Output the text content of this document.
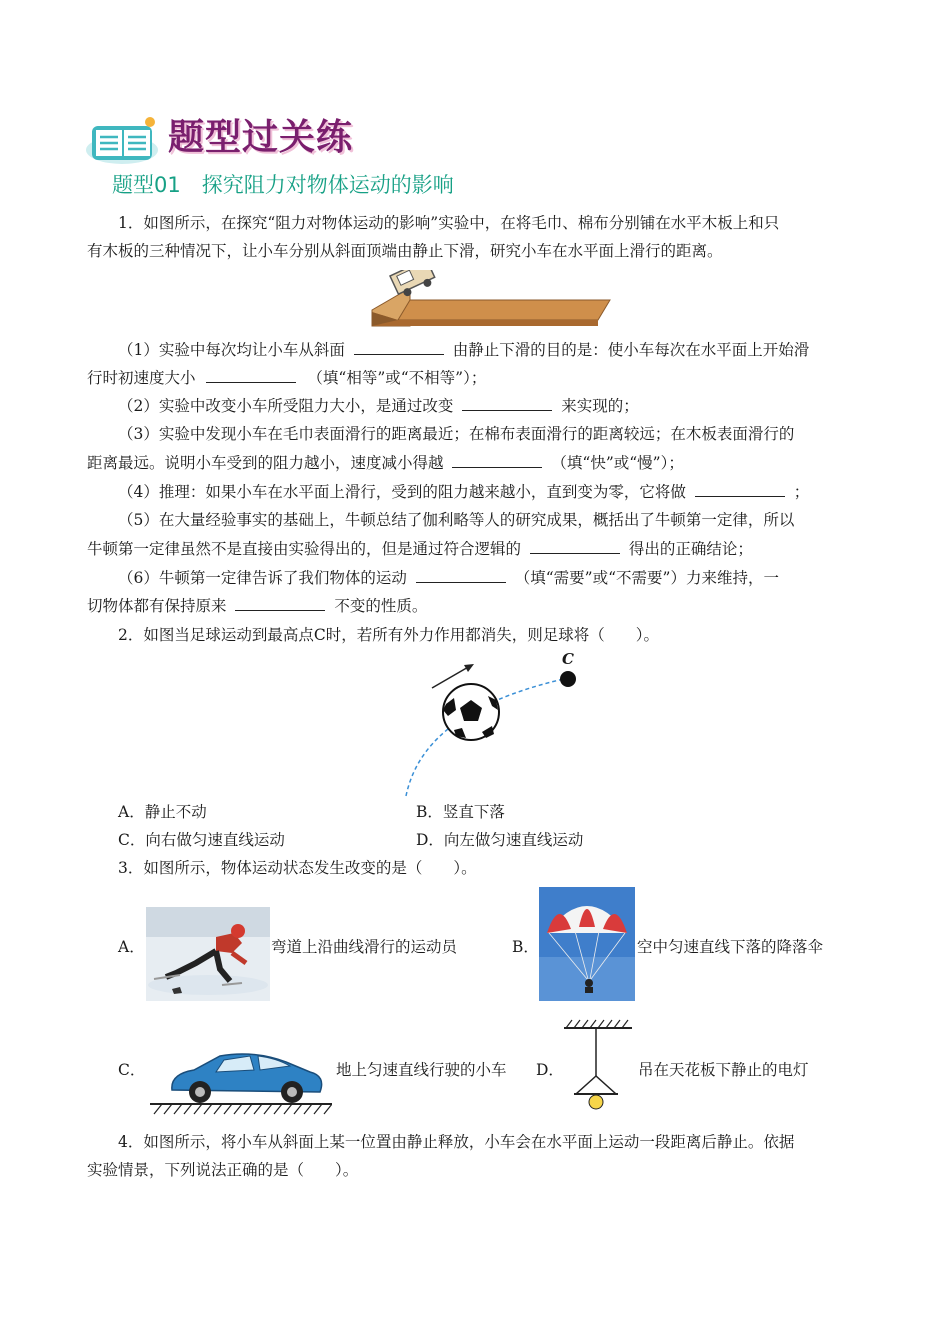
题型过关练
题型01　探究阻力对物体运动的影响
1．如图所示，在探究“阻力对物体运动的影响”实验中，在将毛巾、棉布分别铺在水平木板上和只
有木板的三种情况下，让小车分别从斜面顶端由静止下滑，研究小车在水平面上滑行的距离。
（1）实验中每次均让小车从斜面	由静止下滑的目的是：使小车每次在水平面上开始滑
行时初速度大小	（填“相等”或“不相等”）；
（2）实验中改变小车所受阻力大小，是通过改变	来实现的；
（3）实验中发现小车在毛巾表面滑行的距离最近；在棉布表面滑行的距离较远；在木板表面滑行的
距离最远。说明小车受到的阻力越小，速度减小得越	（填“快”或“慢”）；
（4）推理：如果小车在水平面上滑行，受到的阻力越来越小，直到变为零，它将做	；
（5）在大量经验事实的基础上，牛顿总结了伽利略等人的研究成果，概括出了牛顿第一定律，所以
牛顿第一定律虽然不是直接由实验得出的，但是通过符合逻辑的	得出的正确结论；
（6）牛顿第一定律告诉了我们物体的运动	（填“需要”或“不需要”）力来维持，一
切物体都有保持原来	不变的性质。
2．如图当足球运动到最高点C时，若所有外力作用都消失，则足球将（　　）。
C
A．静止不动	B．竖直下落
C．向右做匀速直线运动	D．向左做匀速直线运动
3．如图所示，物体运动状态发生改变的是（　　）。
A．	弯道上沿曲线滑行的运动员	B．	空中匀速直线下落的降落伞
C．	地上匀速直线行驶的小车 D．	吊在天花板下静止的电灯
4．如图所示，将小车从斜面上某一位置由静止释放，小车会在水平面上运动一段距离后静止。依据
实验情景，下列说法正确的是（　　）。
